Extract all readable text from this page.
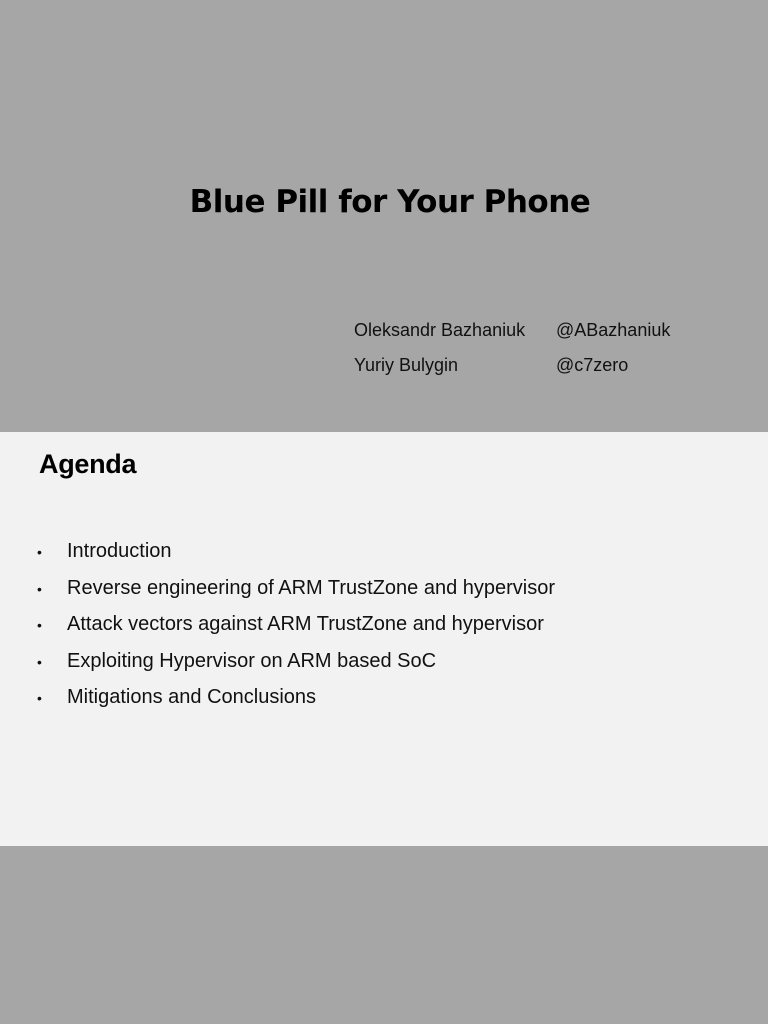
Blue Pill for Your Phone
Oleksandr Bazhaniuk	@ABazhaniuk
Yuriy Bulygin	@c7zero
Agenda
•	Introduction
•	Reverse engineering of ARM TrustZone and hypervisor
•	Attack vectors against ARM TrustZone and hypervisor
•	Exploiting Hypervisor on ARM based SoC
•	Mitigations and Conclusions
